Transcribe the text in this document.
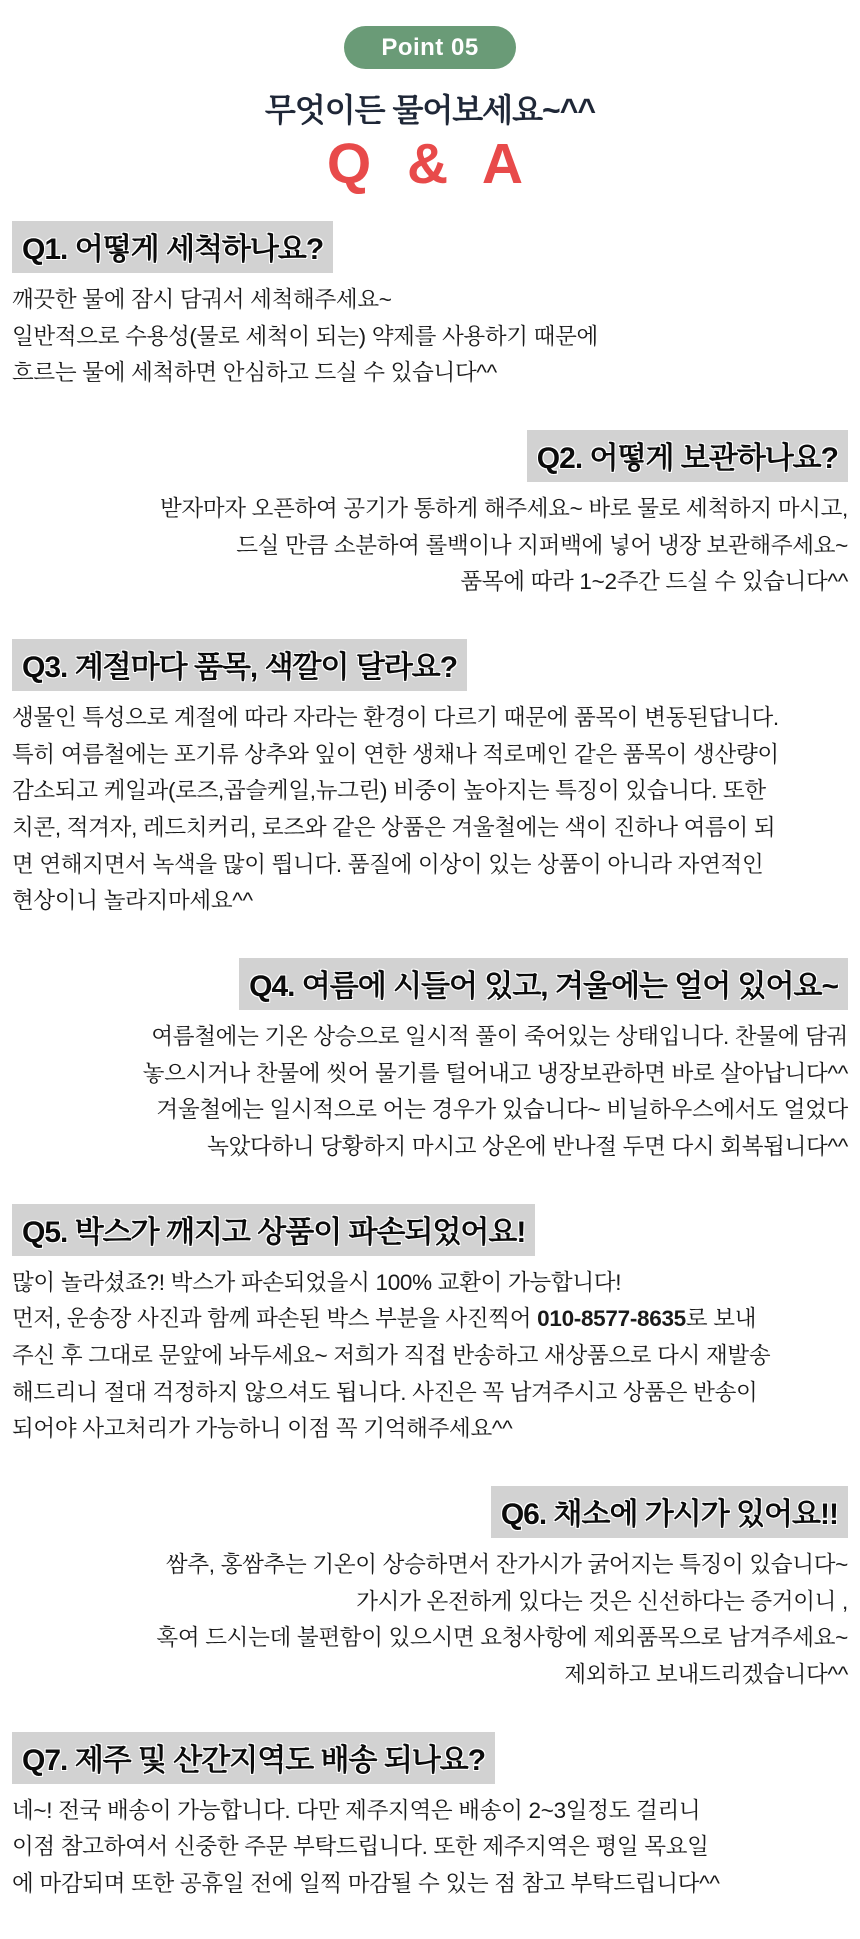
Point 05
무엇이든 물어보세요~^^
Q & A
Q1. 어떻게 세척하나요?
깨끗한 물에 잠시 담궈서 세척해주세요~
일반적으로 수용성(물로 세척이 되는) 약제를 사용하기 때문에
흐르는 물에 세척하면 안심하고 드실 수 있습니다^^
Q2. 어떻게 보관하나요?
받자마자 오픈하여 공기가 통하게 해주세요~ 바로 물로 세척하지 마시고,
드실 만큼 소분하여 롤백이나 지퍼백에 넣어 냉장 보관해주세요~
품목에 따라 1~2주간 드실 수 있습니다^^
Q3. 계절마다 품목, 색깔이 달라요?
생물인 특성으로 계절에 따라 자라는 환경이 다르기 때문에 품목이 변동된답니다.
특히 여름철에는 포기류 상추와 잎이 연한 생채나 적로메인 같은 품목이 생산량이
감소되고 케일과(로즈,곱슬케일,뉴그린) 비중이 높아지는 특징이 있습니다. 또한
치콘, 적겨자, 레드치커리, 로즈와 같은 상품은 겨울철에는 색이 진하나 여름이 되
면 연해지면서 녹색을 많이 띕니다. 품질에 이상이 있는 상품이 아니라 자연적인
현상이니 놀라지마세요^^
Q4. 여름에 시들어 있고, 겨울에는 얼어 있어요~
여름철에는 기온 상승으로 일시적 풀이 죽어있는 상태입니다. 찬물에 담궈
놓으시거나 찬물에 씻어 물기를 털어내고 냉장보관하면 바로 살아납니다^^
겨울철에는 일시적으로 어는 경우가 있습니다~ 비닐하우스에서도 얼었다
녹았다하니 당황하지 마시고 상온에 반나절 두면 다시 회복됩니다^^
Q5. 박스가 깨지고 상품이 파손되었어요!
많이 놀라셨죠?! 박스가 파손되었을시 100% 교환이 가능합니다!
먼저, 운송장 사진과 함께 파손된 박스 부분을 사진찍어 010-8577-8635로 보내
주신 후 그대로 문앞에 놔두세요~ 저희가 직접 반송하고 새상품으로 다시 재발송
해드리니 절대 걱정하지 않으셔도 됩니다. 사진은 꼭 남겨주시고 상품은 반송이
되어야 사고처리가 가능하니 이점 꼭 기억해주세요^^
Q6. 채소에 가시가 있어요!!
쌈추, 홍쌈추는 기온이 상승하면서 잔가시가 굵어지는 특징이 있습니다~
가시가 온전하게 있다는 것은 신선하다는 증거이니 ,
혹여 드시는데 불편함이 있으시면 요청사항에 제외품목으로 남겨주세요~
제외하고 보내드리겠습니다^^
Q7. 제주 및 산간지역도 배송 되나요?
네~! 전국 배송이 가능합니다. 다만 제주지역은 배송이 2~3일정도 걸리니
이점 참고하여서 신중한 주문 부탁드립니다. 또한 제주지역은 평일 목요일
에 마감되며 또한 공휴일 전에 일찍 마감될 수 있는 점 참고 부탁드립니다^^
